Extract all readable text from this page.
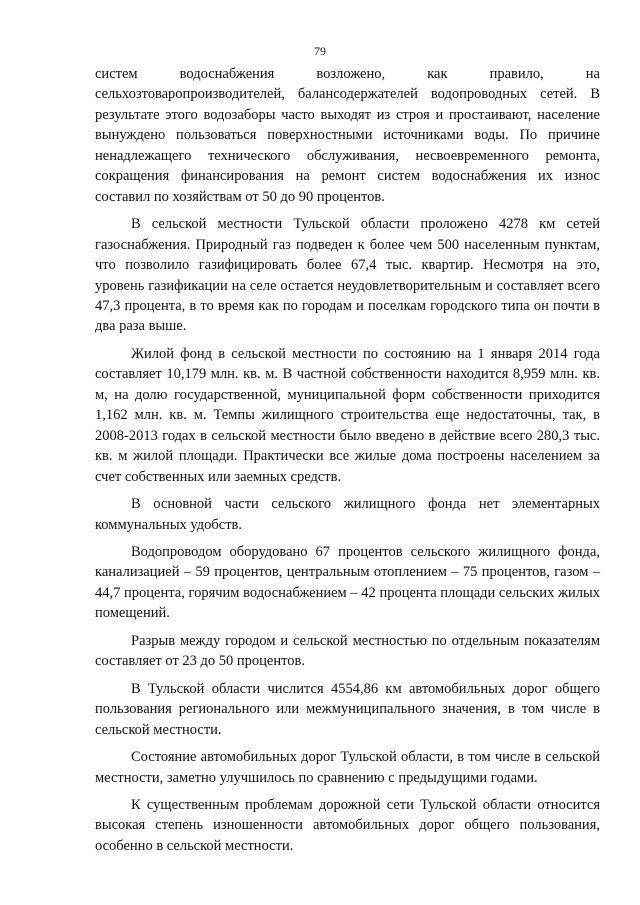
79

систем водоснабжения возложено, как правило, на сельхозтоваропроизводителей, балансодержателей водопроводных сетей. В результате этого водозаборы часто выходят из строя и простаивают, население вынуждено пользоваться поверхностными источниками воды. По причине ненадлежащего технического обслуживания, несвоевременного ремонта, сокращения финансирования на ремонт систем водоснабжения их износ составил по хозяйствам от 50 до 90 процентов.

В сельской местности Тульской области проложено 4278 км сетей газоснабжения. Природный газ подведен к более чем 500 населенным пунктам, что позволило газифицировать более 67,4 тыс. квартир. Несмотря на это, уровень газификации на селе остается неудовлетворительным и составляет всего 47,3 процента, в то время как по городам и поселкам городского типа он почти в два раза выше.

Жилой фонд в сельской местности по состоянию на 1 января 2014 года составляет 10,179 млн. кв. м. В частной собственности находится 8,959 млн. кв. м, на долю государственной, муниципальной форм собственности приходится 1,162 млн. кв. м. Темпы жилищного строительства еще недостаточны, так, в 2008-2013 годах в сельской местности было введено в действие всего 280,3 тыс. кв. м жилой площади. Практически все жилые дома построены населением за счет собственных или заемных средств.

В основной части сельского жилищного фонда нет элементарных коммунальных удобств.

Водопроводом оборудовано 67 процентов сельского жилищного фонда, канализацией – 59 процентов, центральным отоплением – 75 процентов, газом – 44,7 процента, горячим водоснабжением – 42 процента площади сельских жилых помещений.

Разрыв между городом и сельской местностью по отдельным показателям составляет от 23 до 50 процентов.

В Тульской области числится 4554,86 км автомобильных дорог общего пользования регионального или межмуниципального значения, в том числе в сельской местности.

Состояние автомобильных дорог Тульской области, в том числе в сельской местности, заметно улучшилось по сравнению с предыдущими годами.

К существенным проблемам дорожной сети Тульской области относится высокая степень изношенности автомобильных дорог общего пользования, особенно в сельской местности.
